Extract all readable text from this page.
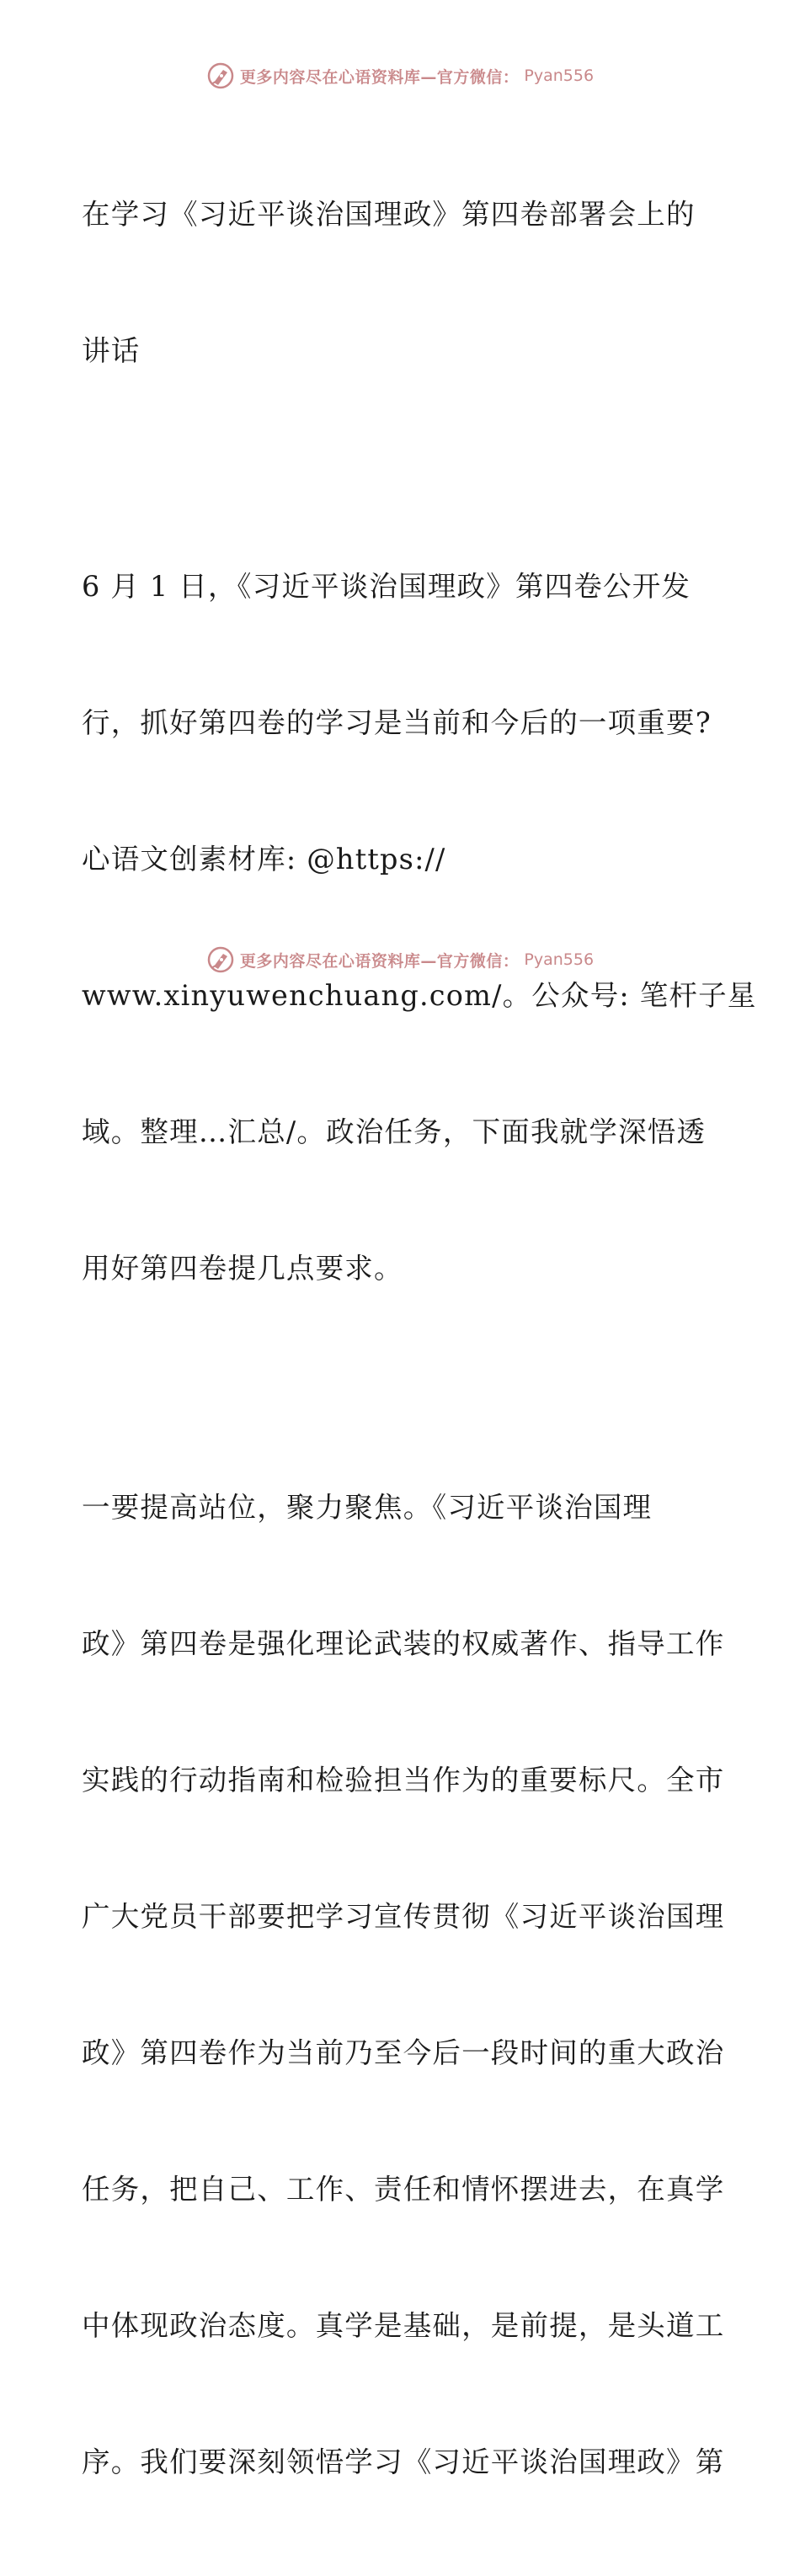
更多内容尽在心语资料库—官方微信： Pyan556

在学习《习近平谈治国理政》第四卷部署会上的

讲话

6 月 1 日，《习近平谈治国理政》第四卷公开发

行，抓好第四卷的学习是当前和今后的一项重要?

心语文创素材库: @https://

www.xinyuwenchuang.com/。公众号: 笔杆子星

域。整理…汇总/。政治任务，下面我就学深悟透

用好第四卷提几点要求。

一要提高站位，聚力聚焦。《习近平谈治国理

政》第四卷是强化理论武装的权威著作、指导工作

实践的行动指南和检验担当作为的重要标尺。全市

广大党员干部要把学习宣传贯彻《习近平谈治国理

政》第四卷作为当前乃至今后一段时间的重大政治

任务，把自己、工作、责任和情怀摆进去，在真学

中体现政治态度。真学是基础，是前提，是头道工

序。我们要深刻领悟学习《习近平谈治国理政》第

更多内容尽在心语资料库—官方微信： Pyan556
